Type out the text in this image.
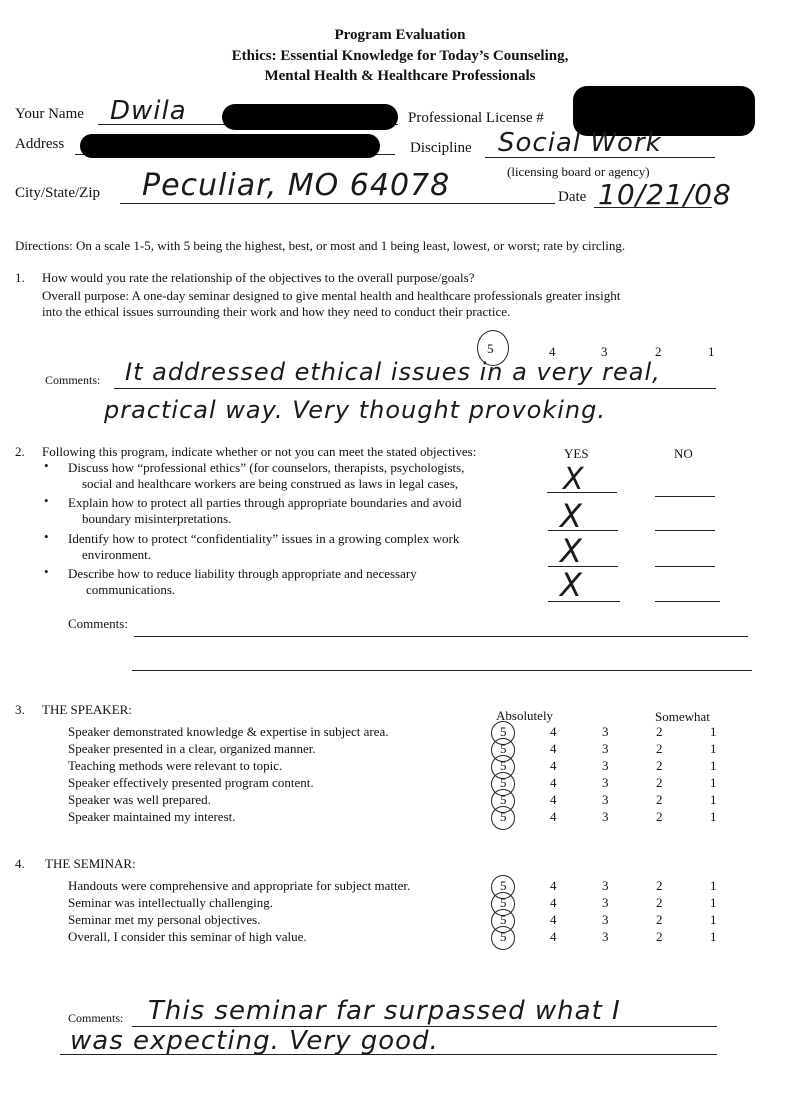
Program Evaluation
Ethics: Essential Knowledge for Today’s Counseling,
Mental Health & Healthcare Professionals
Your Name Dwila	Professional License #
Address	Discipline Social Work
(licensing board or agency)
City/State/Zip Peculiar, MO 64078	Date 10/21/08
Directions: On a scale 1-5, with 5 being the highest, best, or most and 1 being least, lowest, or worst; rate by circling.
1. How would you rate the relationship of the objectives to the overall purpose/goals?
Overall purpose: A one-day seminar designed to give mental health and healthcare professionals greater insight
into the ethical issues surrounding their work and how they need to conduct their practice.
5	4	3	2	1
Comments: It addressed ethical issues in a very real,
practical way. Very thought provoking.
2. Following this program, indicate whether or not you can meet the stated objectives:	YES	NO
• Discuss how “professional ethics” (for counselors, therapists, psychologists,
social and healthcare workers are being construed as laws in legal cases,	X
• Explain how to protect all parties through appropriate boundaries and avoid
boundary misinterpretations.	X
• Identify how to protect “confidentiality” issues in a growing complex work
environment.	X
• Describe how to reduce liability through appropriate and necessary
communications.	X
Comments:
3. THE SPEAKER:	Absolutely	Somewhat
Speaker demonstrated knowledge & expertise in subject area.	5	4	3	2	1
Speaker presented in a clear, organized manner.	5	4	3	2	1
Teaching methods were relevant to topic.	5	4	3	2	1
Speaker effectively presented program content.	5	4	3	2	1
Speaker was well prepared.	5	4	3	2	1
Speaker maintained my interest.	5	4	3	2	1
4. THE SEMINAR:
Handouts were comprehensive and appropriate for subject matter.	5	4	3	2	1
Seminar was intellectually challenging.	5	4	3	2	1
Seminar met my personal objectives.	5	4	3	2	1
Overall, I consider this seminar of high value.	5	4	3	2	1
Comments: This seminar far surpassed what I
was expecting. Very good.
